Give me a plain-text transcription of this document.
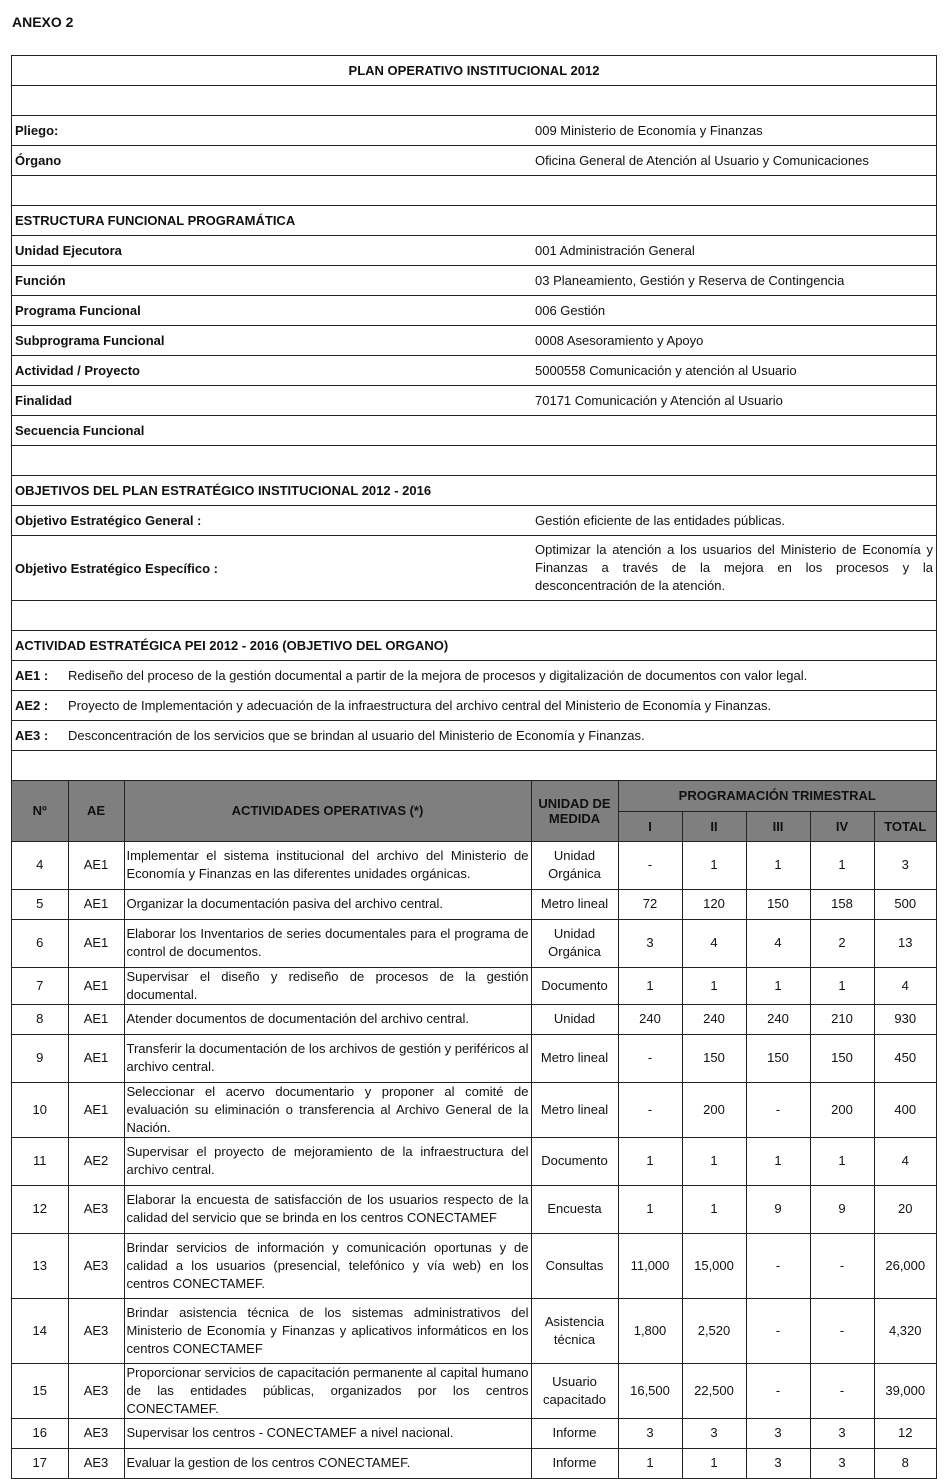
ANEXO 2
PLAN OPERATIVO INSTITUCIONAL 2012
Pliego:	009 Ministerio de Economía y Finanzas
Órgano	Oficina General de Atención al Usuario y Comunicaciones
ESTRUCTURA FUNCIONAL PROGRAMÁTICA
Unidad Ejecutora	001 Administración General
Función	03 Planeamiento, Gestión y Reserva de Contingencia
Programa Funcional	006 Gestión
Subprograma Funcional	0008 Asesoramiento y Apoyo
Actividad / Proyecto	5000558 Comunicación y atención al Usuario
Finalidad	70171 Comunicación y Atención al Usuario
Secuencia Funcional
OBJETIVOS DEL PLAN ESTRATÉGICO INSTITUCIONAL 2012 - 2016
Objetivo Estratégico General :	Gestión eficiente de las entidades públicas.
Objetivo Estratégico Específico :
Optimizar la atención a los usuarios del Ministerio de Economía y Finanzas a través de la mejora en los procesos y la desconcentración de la atención.
ACTIVIDAD ESTRATÉGICA PEI 2012 - 2016 (OBJETIVO DEL ORGANO)
AE1 :	Rediseño del proceso de la gestión documental a partir de la mejora de procesos y digitalización de documentos con valor legal.
AE2 :	Proyecto de Implementación y adecuación de la infraestructura del archivo central del Ministerio de Economía y Finanzas.
AE3 :	Desconcentración de los servicios que se brindan al usuario del Ministerio de Economía y Finanzas.
Nº	AE	ACTIVIDADES OPERATIVAS (*)	UNIDAD DE MEDIDA	PROGRAMACIÓN TRIMESTRAL				
				I	II	III	IV	TOTAL
4	AE1	Implementar el sistema institucional del archivo del Ministerio de Economía y Finanzas en las diferentes unidades orgánicas.	Unidad Orgánica	-	1	1	1	3
5	AE1	Organizar la documentación pasiva del archivo central.	Metro lineal	72	120	150	158	500
6	AE1	Elaborar los Inventarios de series documentales para el programa de control de documentos.	Unidad Orgánica	3	4	4	2	13
7	AE1	Supervisar el diseño y rediseño de procesos de la gestión documental.	Documento	1	1	1	1	4
8	AE1	Atender documentos de documentación del archivo central.	Unidad	240	240	240	210	930
9	AE1	Transferir la documentación de los archivos de gestión y periféricos al archivo central.	Metro lineal	-	150	150	150	450
10	AE1	Seleccionar el acervo documentario y proponer al comité de evaluación su eliminación o transferencia al Archivo General de la Nación.	Metro lineal	-	200	-	200	400
11	AE2	Supervisar el proyecto de mejoramiento de la infraestructura del archivo central.	Documento	1	1	1	1	4
12	AE3	Elaborar la encuesta de satisfacción de los usuarios respecto de la calidad del servicio que se brinda en los centros CONECTAMEF	Encuesta	1	1	9	9	20
13	AE3	Brindar servicios de información y comunicación oportunas y de calidad a los usuarios (presencial, telefónico y vía web) en los centros CONECTAMEF.	Consultas	11,000	15,000	-	-	26,000
14	AE3	Brindar asistencia técnica de los sistemas administrativos del Ministerio de Economía y Finanzas y aplicativos informáticos en los centros CONECTAMEF	Asistencia técnica	1,800	2,520	-	-	4,320
15	AE3	Proporcionar servicios de capacitación permanente al capital humano de las entidades públicas, organizados por los centros CONECTAMEF.	Usuario capacitado	16,500	22,500	-	-	39,000
16	AE3	Supervisar los centros - CONECTAMEF a nivel nacional.	Informe	3	3	3	3	12
17	AE3	Evaluar la gestion de los centros CONECTAMEF.	Informe	1	1	3	3	8
